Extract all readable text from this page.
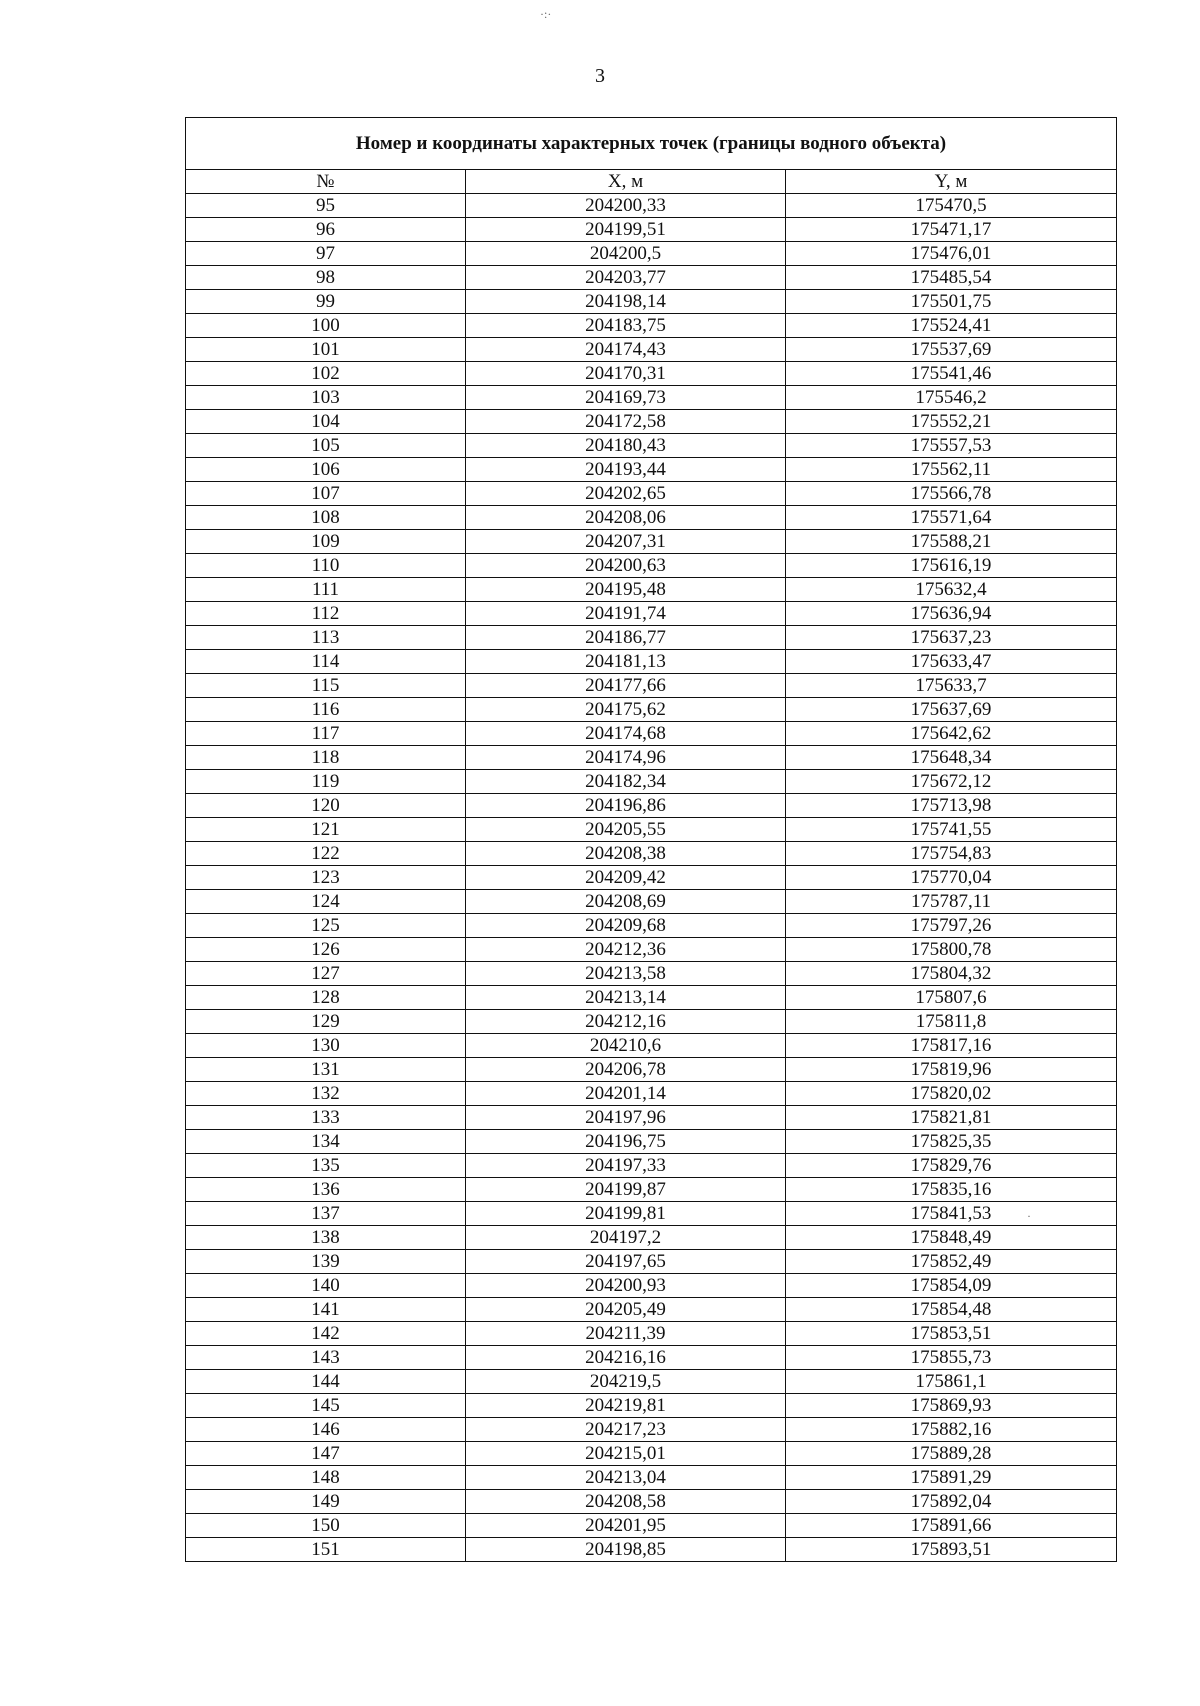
·:·
·
3
Номер и координаты характерных точек (границы водного объекта)		
№	X, м	Y, м
95	204200,33	175470,5
96	204199,51	175471,17
97	204200,5	175476,01
98	204203,77	175485,54
99	204198,14	175501,75
100	204183,75	175524,41
101	204174,43	175537,69
102	204170,31	175541,46
103	204169,73	175546,2
104	204172,58	175552,21
105	204180,43	175557,53
106	204193,44	175562,11
107	204202,65	175566,78
108	204208,06	175571,64
109	204207,31	175588,21
110	204200,63	175616,19
111	204195,48	175632,4
112	204191,74	175636,94
113	204186,77	175637,23
114	204181,13	175633,47
115	204177,66	175633,7
116	204175,62	175637,69
117	204174,68	175642,62
118	204174,96	175648,34
119	204182,34	175672,12
120	204196,86	175713,98
121	204205,55	175741,55
122	204208,38	175754,83
123	204209,42	175770,04
124	204208,69	175787,11
125	204209,68	175797,26
126	204212,36	175800,78
127	204213,58	175804,32
128	204213,14	175807,6
129	204212,16	175811,8
130	204210,6	175817,16
131	204206,78	175819,96
132	204201,14	175820,02
133	204197,96	175821,81
134	204196,75	175825,35
135	204197,33	175829,76
136	204199,87	175835,16
137	204199,81	175841,53
138	204197,2	175848,49
139	204197,65	175852,49
140	204200,93	175854,09
141	204205,49	175854,48
142	204211,39	175853,51
143	204216,16	175855,73
144	204219,5	175861,1
145	204219,81	175869,93
146	204217,23	175882,16
147	204215,01	175889,28
148	204213,04	175891,29
149	204208,58	175892,04
150	204201,95	175891,66
151	204198,85	175893,51
